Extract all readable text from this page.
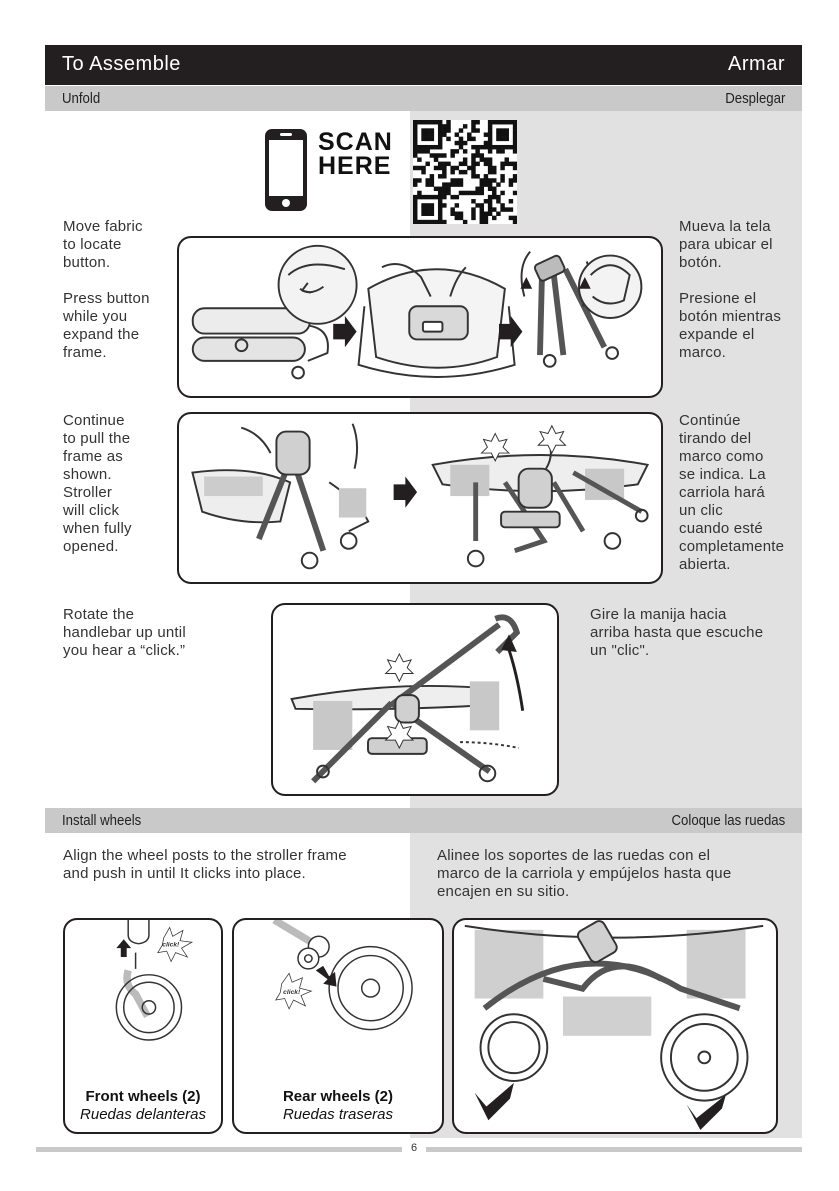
To Assemble	Armar
Unfold	Desplegar
SCAN
HERE
Move fabric
to locate
button.

Press button
while you
expand the
frame.
Mueva la tela
para ubicar el
botón.

Presione el
botón mientras
expande el
marco.
Continue
to pull the
frame as
shown.
Stroller
will click
when fully
opened.
Continúe
tirando del
marco como
se indica. La
carriola hará
un clic
cuando esté
completamente
abierta.
Rotate the
handlebar up until
you hear a “click.”
Gire la manija hacia
arriba hasta que escuche
un "clic".
Install wheels	Coloque las ruedas
Align the wheel posts to the stroller frame
and push in until It clicks into place.
Alinee los soportes de las ruedas con el
marco de la carriola y empújelos hasta que
encajen en su sitio.
click!
Front wheels (2)
Ruedas delanteras
click!
Rear wheels (2)
Ruedas traseras
6
